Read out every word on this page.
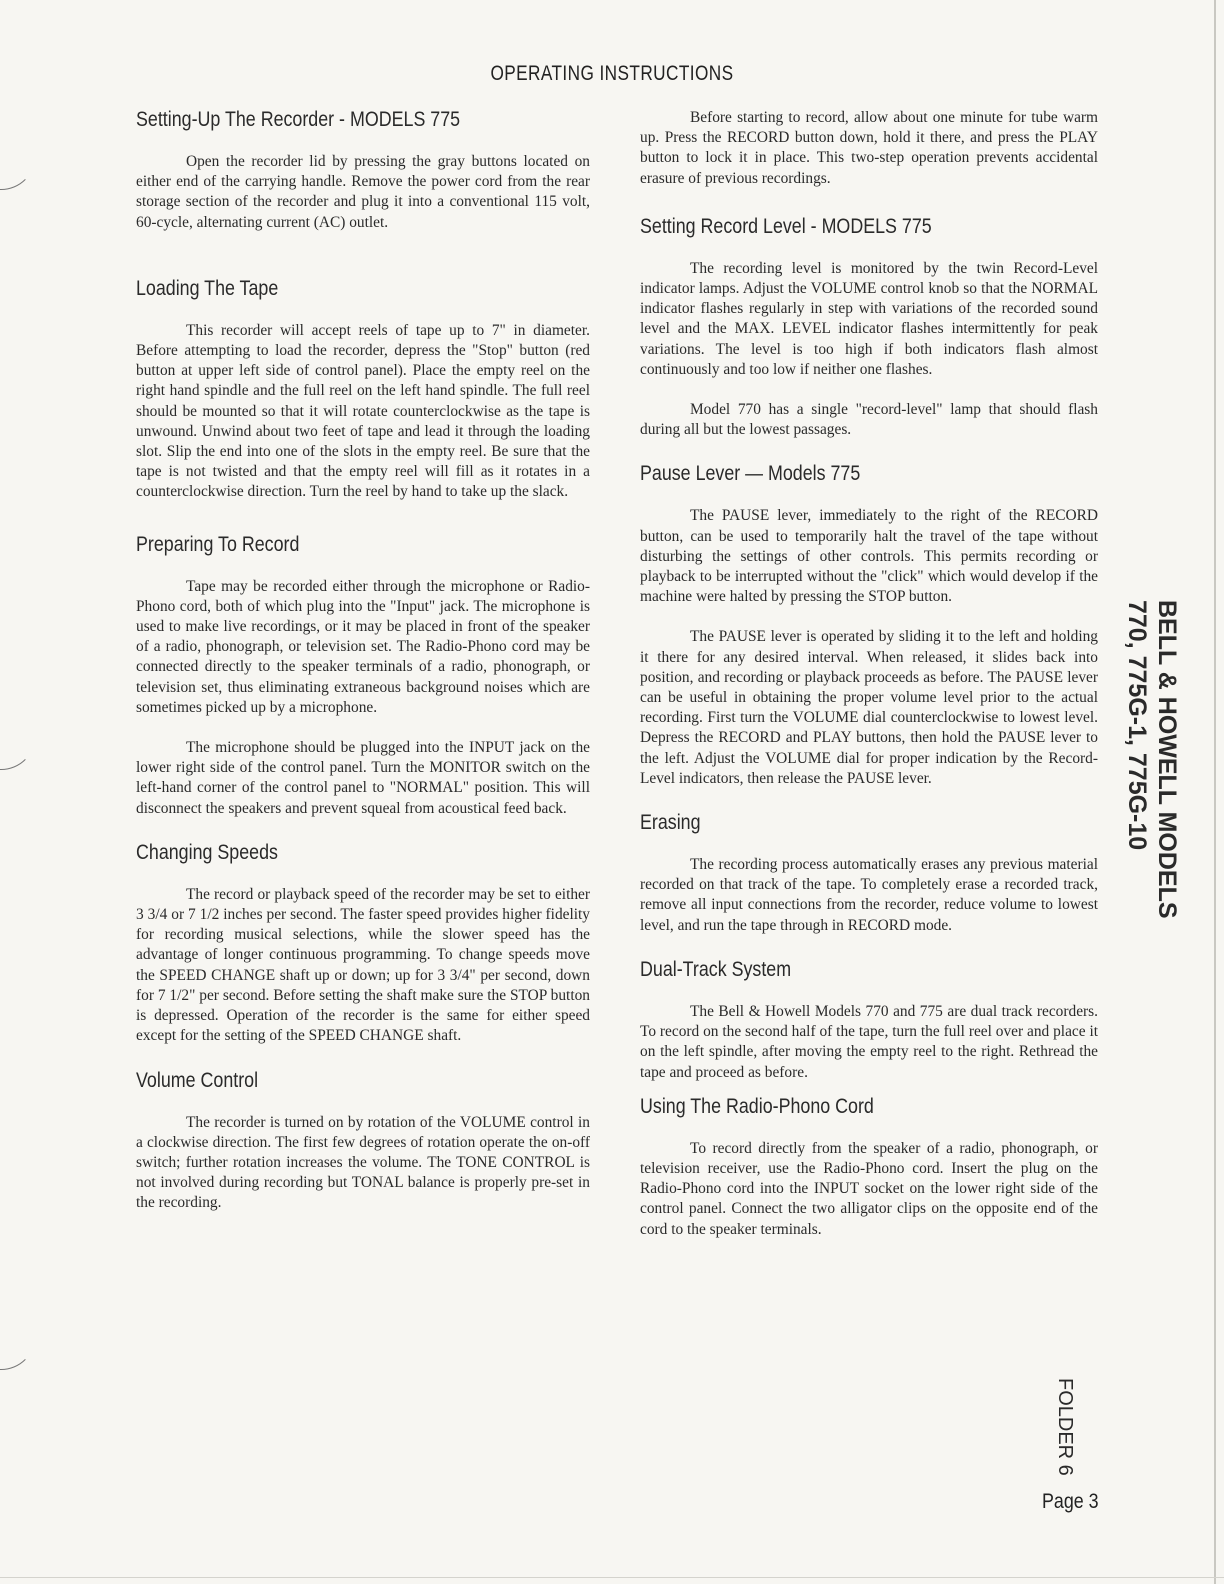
OPERATING INSTRUCTIONS
Setting-Up The Recorder - MODELS 775

Open the recorder lid by pressing the gray buttons located on either end of the carrying handle. Remove the power cord from the rear storage section of the recorder and plug it into a conventional 115 volt, 60-cycle, alternating current (AC) outlet.

Loading The Tape

This recorder will accept reels of tape up to 7" in diameter. Before attempting to load the recorder, depress the "Stop" button (red button at upper left side of control panel). Place the empty reel on the right hand spindle and the full reel on the left hand spindle. The full reel should be mounted so that it will rotate counterclockwise as the tape is unwound. Unwind about two feet of tape and lead it through the loading slot. Slip the end into one of the slots in the empty reel. Be sure that the tape is not twisted and that the empty reel will fill as it rotates in a counterclockwise direction. Turn the reel by hand to take up the slack.

Preparing To Record

Tape may be recorded either through the microphone or Radio-Phono cord, both of which plug into the "Input" jack. The microphone is used to make live recordings, or it may be placed in front of the speaker of a radio, phonograph, or television set. The Radio-Phono cord may be connected directly to the speaker terminals of a radio, phonograph, or television set, thus eliminating extraneous background noises which are sometimes picked up by a microphone.

The microphone should be plugged into the INPUT jack on the lower right side of the control panel. Turn the MONITOR switch on the left-hand corner of the control panel to "NORMAL" position. This will disconnect the speakers and prevent squeal from acoustical feed back.

Changing Speeds

The record or playback speed of the recorder may be set to either 3 3/4 or 7 1/2 inches per second. The faster speed provides higher fidelity for recording musical selections, while the slower speed has the advantage of longer continuous programming. To change speeds move the SPEED CHANGE shaft up or down; up for 3 3/4" per second, down for 7 1/2" per second. Before setting the shaft make sure the STOP button is depressed. Operation of the recorder is the same for either speed except for the setting of the SPEED CHANGE shaft.

Volume Control

The recorder is turned on by rotation of the VOLUME control in a clockwise direction. The first few degrees of rotation operate the on-off switch; further rotation increases the volume. The TONE CONTROL is not involved during recording but TONAL balance is properly pre-set in the recording.

Before starting to record, allow about one minute for tube warm up. Press the RECORD button down, hold it there, and press the PLAY button to lock it in place. This two-step operation prevents accidental erasure of previous recordings.

Setting Record Level - MODELS 775

The recording level is monitored by the twin Record-Level indicator lamps. Adjust the VOLUME control knob so that the NORMAL indicator flashes regularly in step with variations of the recorded sound level and the MAX. LEVEL indicator flashes intermittently for peak variations. The level is too high if both indicators flash almost continuously and too low if neither one flashes.

Model 770 has a single "record-level" lamp that should flash during all but the lowest passages.

Pause Lever — Models 775

The PAUSE lever, immediately to the right of the RECORD button, can be used to temporarily halt the travel of the tape without disturbing the settings of other controls. This permits recording or playback to be interrupted without the "click" which would develop if the machine were halted by pressing the STOP button.

The PAUSE lever is operated by sliding it to the left and holding it there for any desired interval. When released, it slides back into position, and recording or playback proceeds as before. The PAUSE lever can be useful in obtaining the proper volume level prior to the actual recording. First turn the VOLUME dial counterclockwise to lowest level. Depress the RECORD and PLAY buttons, then hold the PAUSE lever to the left. Adjust the VOLUME dial for proper indication by the Record-Level indicators, then release the PAUSE lever.

Erasing

The recording process automatically erases any previous material recorded on that track of the tape. To completely erase a recorded track, remove all input connections from the recorder, reduce volume to lowest level, and run the tape through in RECORD mode.

Dual-Track System

The Bell & Howell Models 770 and 775 are dual track recorders. To record on the second half of the tape, turn the full reel over and place it on the left spindle, after moving the empty reel to the right. Rethread the tape and proceed as before.

Using The Radio-Phono Cord

To record directly from the speaker of a radio, phonograph, or television receiver, use the Radio-Phono cord. Insert the plug on the Radio-Phono cord into the INPUT socket on the lower right side of the control panel. Connect the two alligator clips on the opposite end of the cord to the speaker terminals.

BELL & HOWELL MODELS
770, 775G-1, 775G-10
FOLDER 6
Page 3
